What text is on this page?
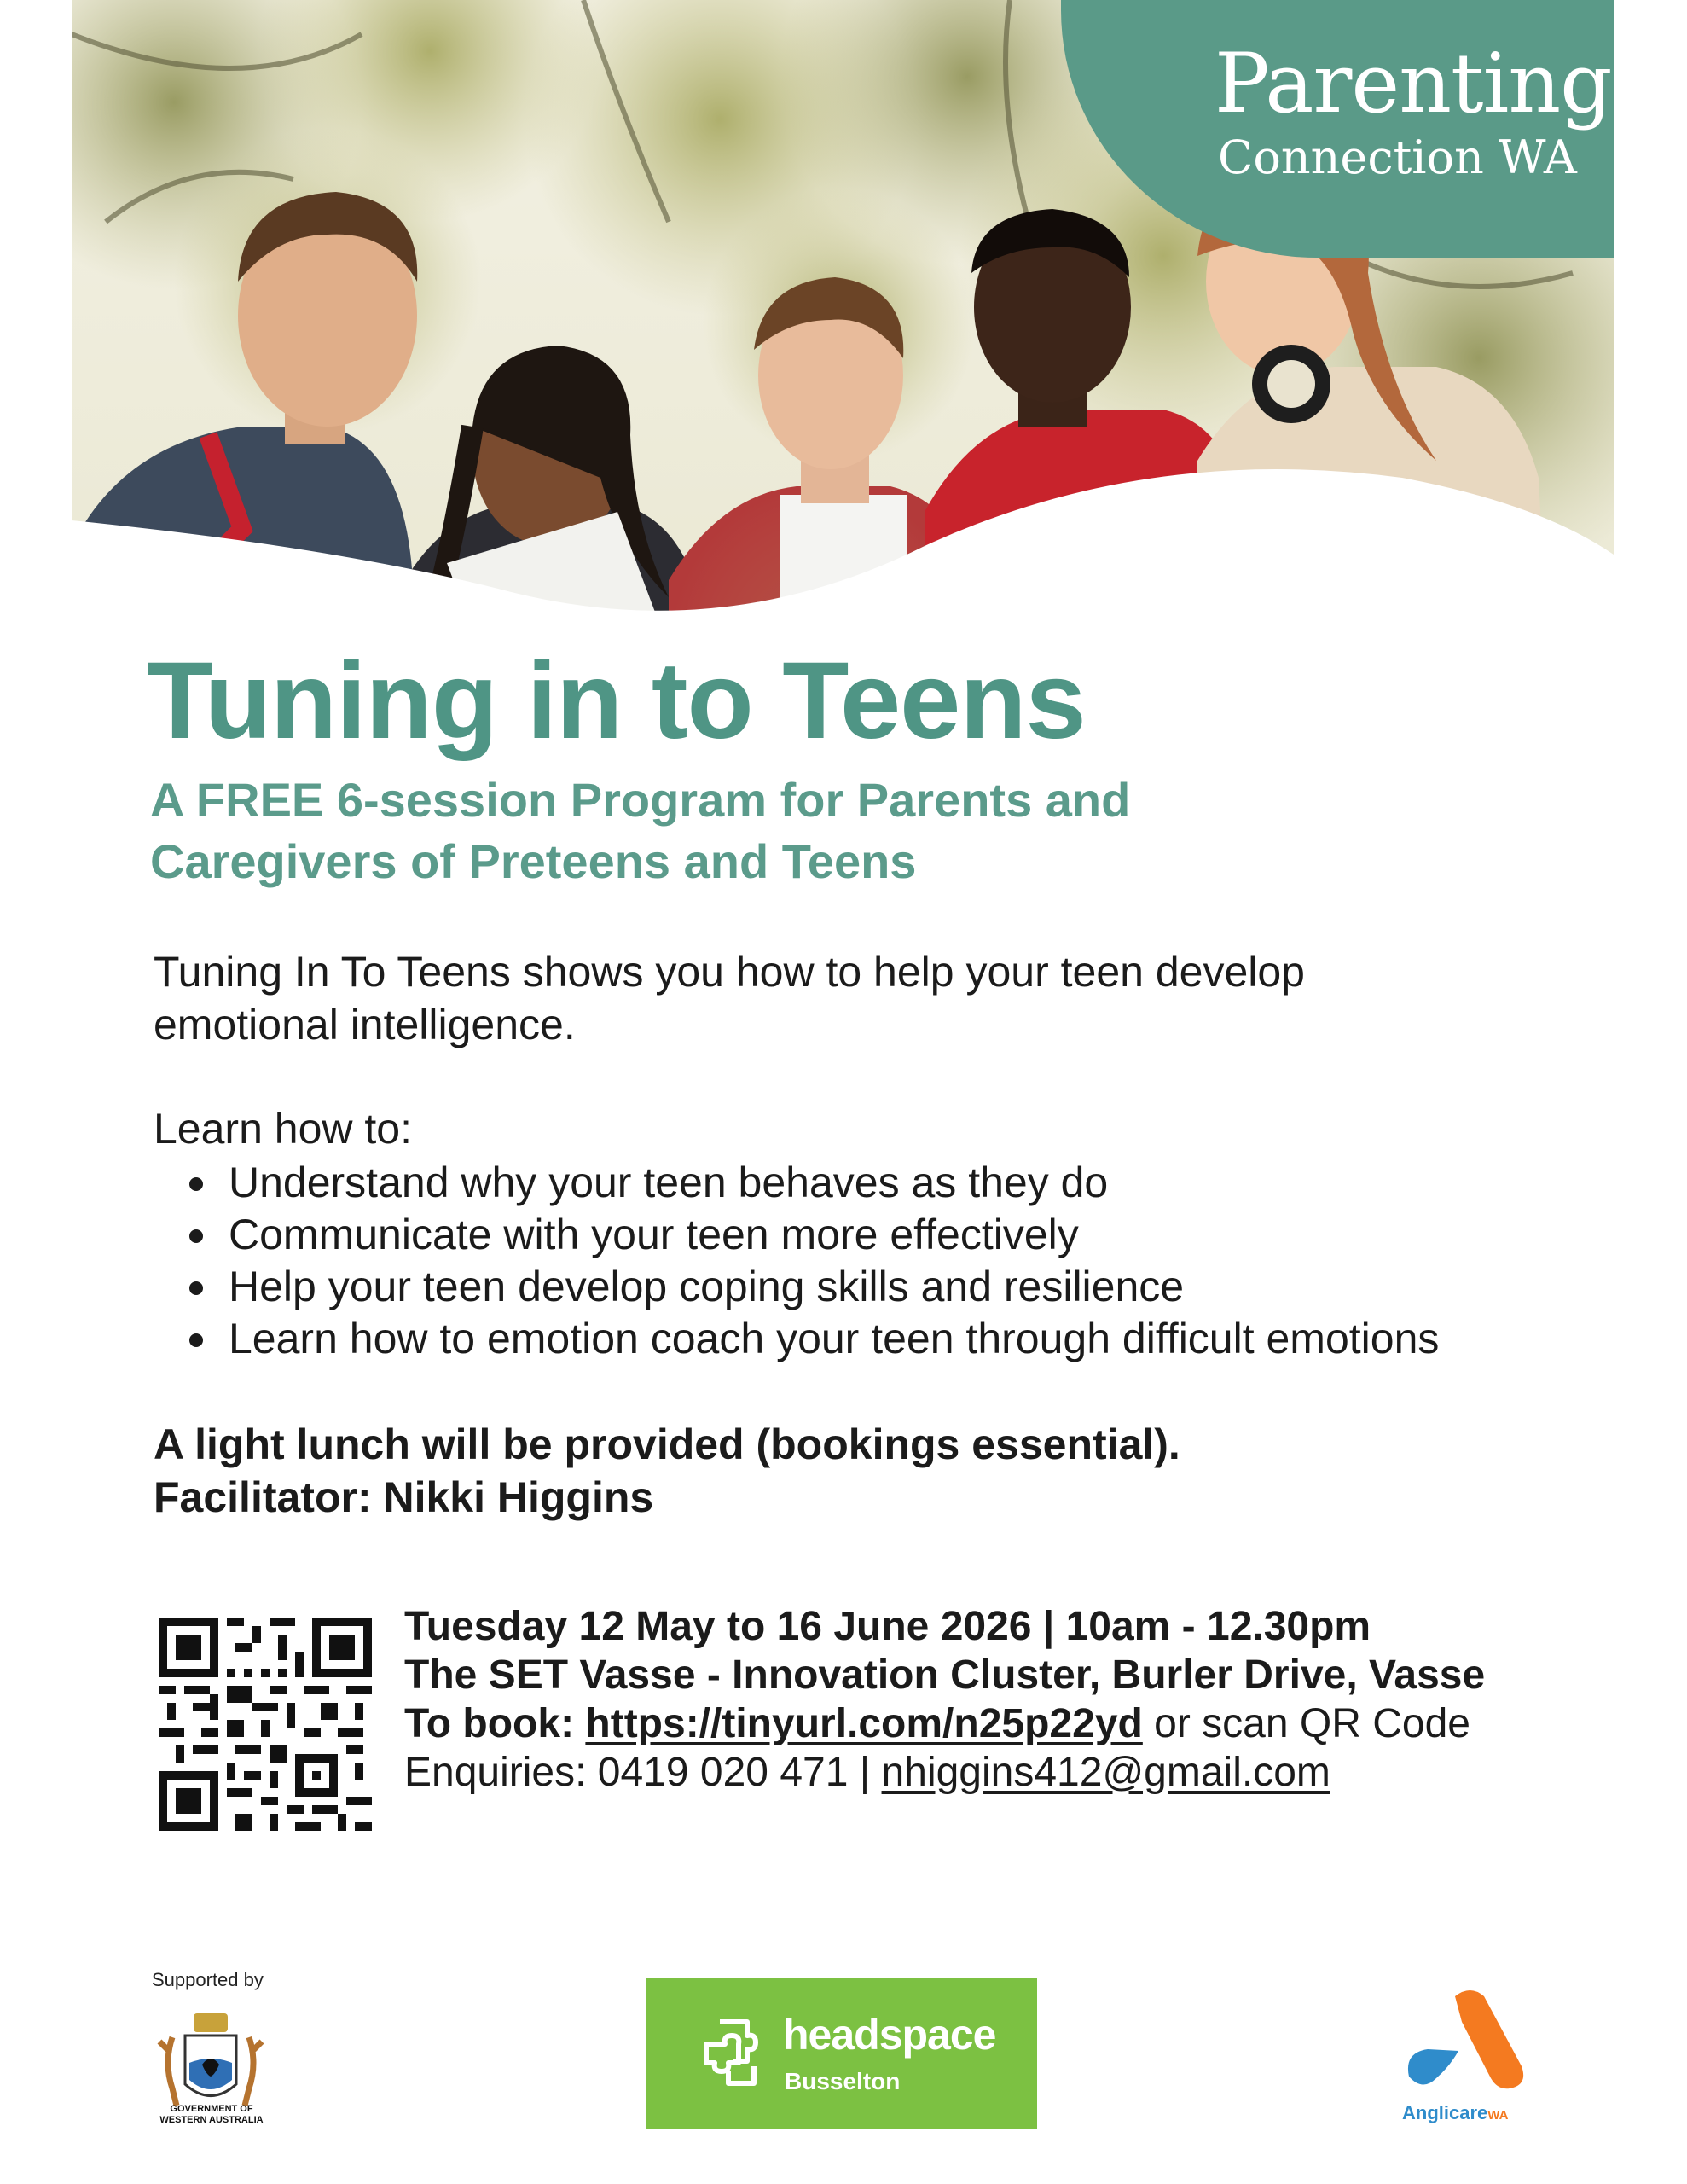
Parenting
Connection WA
Tuning in to Teens

A FREE 6-session Program for Parents and Caregivers of Preteens and Teens

Tuning In To Teens shows you how to help your teen develop emotional intelligence.

Learn how to:

Understand why your teen behaves as they do
Communicate with your teen more effectively
Help your teen develop coping skills and resilience
Learn how to emotion coach your teen through difficult emotions

A light lunch will be provided (bookings essential).

Facilitator: Nikki Higgins

Tuesday 12 May to 16 June 2026 | 10am - 12.30pm

The SET Vasse - Innovation Cluster, Burler Drive, Vasse

To book: https://tinyurl.com/n25p22yd or scan QR Code

Enquiries: 0419 020 471 | nhiggins412@gmail.com

Supported by
GOVERNMENT OF
WESTERN AUSTRALIA
headspace
Busselton
AnglicareWA
